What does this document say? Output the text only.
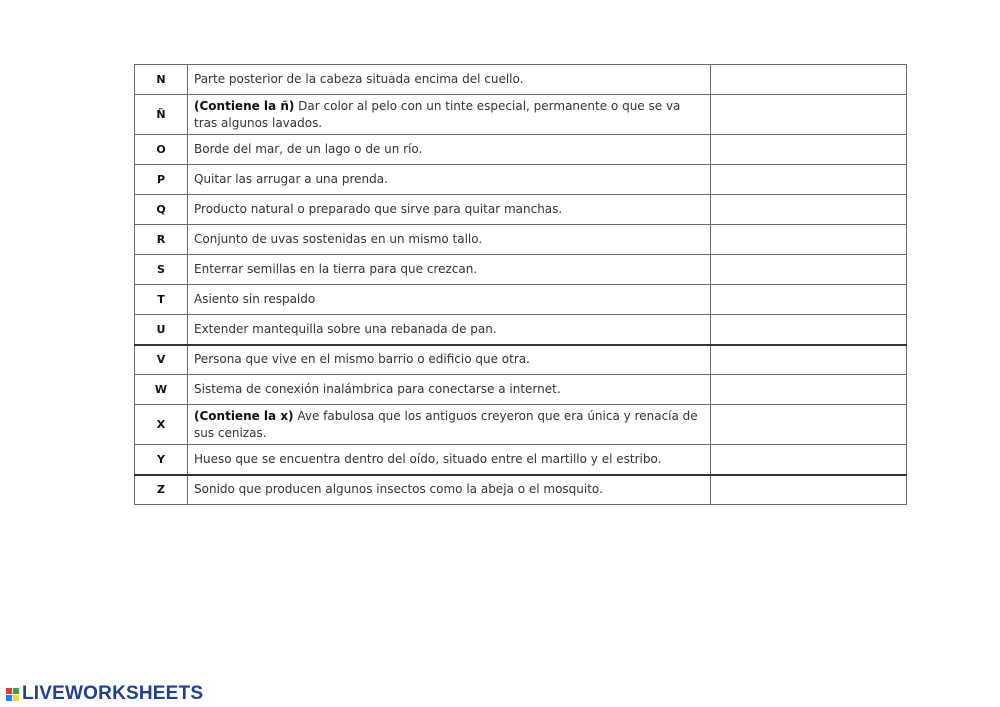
N	Parte posterior de la cabeza situada encima del cuello.	
Ñ	(Contiene la ñ) Dar color al pelo con un tinte especial, permanente o que se va tras algunos lavados.	
O	Borde del mar, de un lago o de un río.	
P	Quitar las arrugar a una prenda.	
Q	Producto natural o preparado que sirve para quitar manchas.	
R	Conjunto de uvas sostenidas en un mismo tallo.	
S	Enterrar semillas en la tierra para que crezcan.	
T	Asiento sin respaldo	
U	Extender mantequilla sobre una rebanada de pan.	
V	Persona que vive en el mismo barrio o edificio que otra.	
W	Sistema de conexión inalámbrica para conectarse a internet.	
X	(Contiene la x) Ave fabulosa que los antiguos creyeron que era única y renacía de sus cenizas.	
Y	Hueso que se encuentra dentro del oído, situado entre el martillo y el estribo.	
Z	Sonido que producen algunos insectos como la abeja o el mosquito.	
LIVEWORKSHEETS
